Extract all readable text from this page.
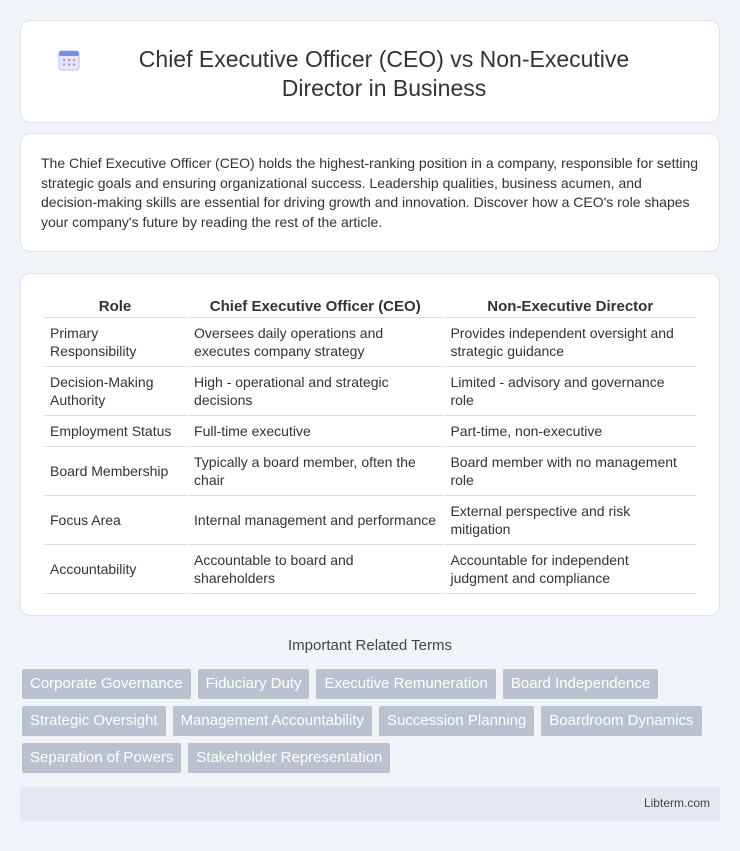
Chief Executive Officer (CEO) vs Non-Executive Director in Business

The Chief Executive Officer (CEO) holds the highest-ranking position in a company, responsible for setting strategic goals and ensuring organizational success. Leadership qualities, business acumen, and decision-making skills are essential for driving growth and innovation. Discover how a CEO's role shapes your company's future by reading the rest of the article.

Role	Chief Executive Officer (CEO)	Non-Executive Director
Primary Responsibility	Oversees daily operations and executes company strategy	Provides independent oversight and strategic guidance
Decision-Making Authority	High - operational and strategic decisions	Limited - advisory and governance role
Employment Status	Full-time executive	Part-time, non-executive
Board Membership	Typically a board member, often the chair	Board member with no management role
Focus Area	Internal management and performance	External perspective and risk mitigation
Accountability	Accountable to board and shareholders	Accountable for independent judgment and compliance
Important Related Terms
Corporate Governance	Fiduciary Duty	Executive Remuneration	Board Independence
Strategic Oversight	Management Accountability	Succession Planning	Boardroom Dynamics
Separation of Powers	Stakeholder Representation
Libterm.com
